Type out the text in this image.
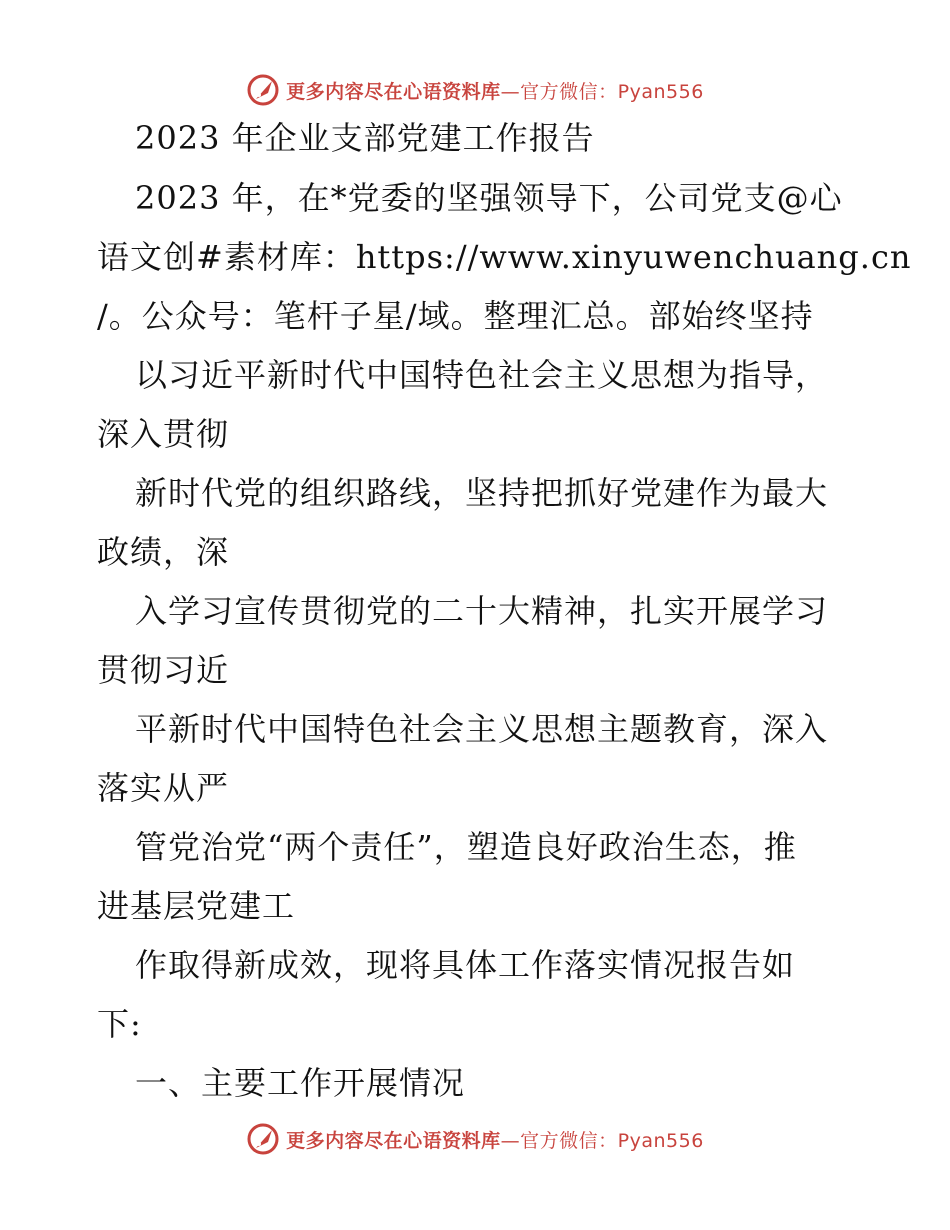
更多内容尽在心语资料库—官方微信：Pyan556
2023 年企业支部党建工作报告
2023 年，在*党委的坚强领导下，公司党支@心
语文创#素材库：https://www.xinyuwenchuang.cn
/。公众号：笔杆子星/域。整理汇总。部始终坚持
以习近平新时代中国特色社会主义思想为指导，
深入贯彻
新时代党的组织路线，坚持把抓好党建作为最大
政绩，深
入学习宣传贯彻党的二十大精神，扎实开展学习
贯彻习近
平新时代中国特色社会主义思想主题教育，深入
落实从严
管党治党“两个责任”，塑造良好政治生态，推
进基层党建工
作取得新成效，现将具体工作落实情况报告如
下:
一、主要工作开展情况
更多内容尽在心语资料库—官方微信：Pyan556
